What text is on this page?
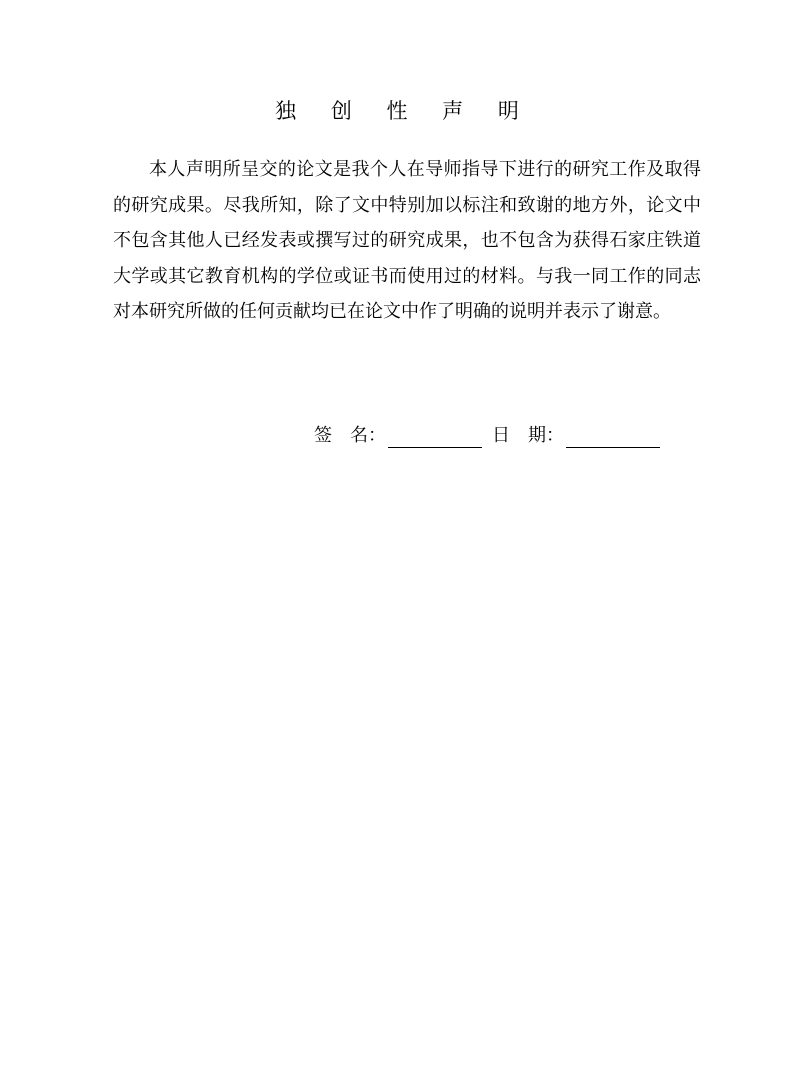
独 创 性 声 明
本人声明所呈交的论文是我个人在导师指导下进行的研究工作及取得的研究成果。尽我所知，除了文中特别加以标注和致谢的地方外，论文中不包含其他人已经发表或撰写过的研究成果，也不包含为获得石家庄铁道大学或其它教育机构的学位或证书而使用过的材料。与我一同工作的同志对本研究所做的任何贡献均已在论文中作了明确的说明并表示了谢意。
签　名：	日　期：
